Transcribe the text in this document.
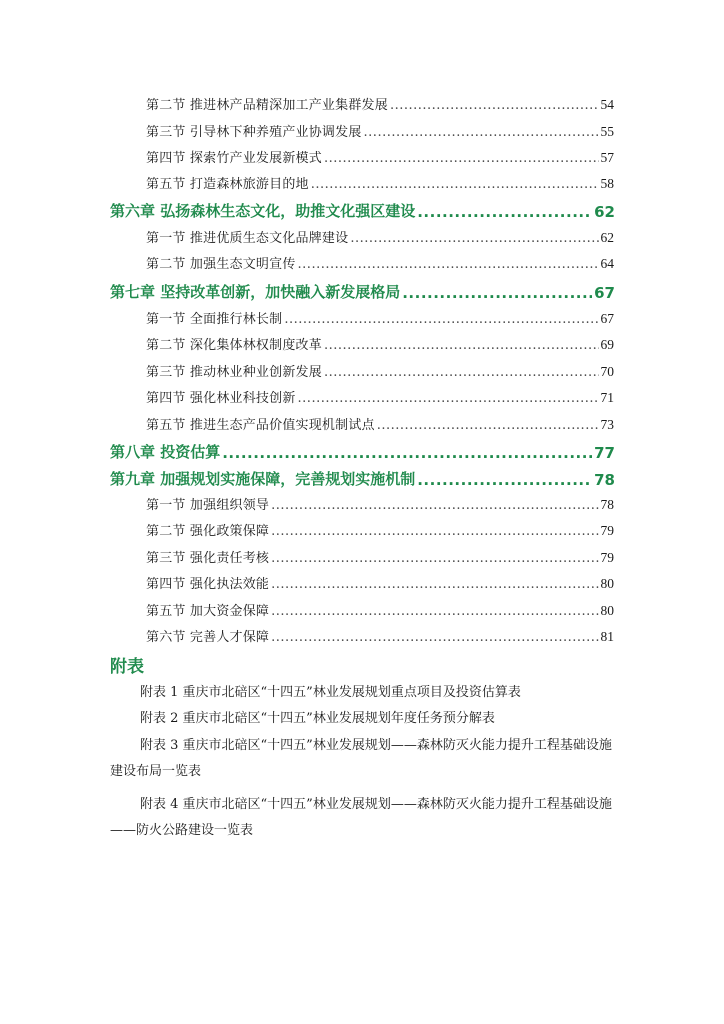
第二节 推进林产品精深加工产业集群发展 .....	54
第三节 引导林下种养殖产业协调发展 .....	55
第四节 探索竹产业发展新模式 .....	57
第五节 打造森林旅游目的地 .....	58
第六章 弘扬森林生态文化，助推文化强区建设 .....	62
第一节 推进优质生态文化品牌建设 .....	62
第二节 加强生态文明宣传 .....	64
第七章 坚持改革创新，加快融入新发展格局 .....	67
第一节 全面推行林长制 .....	67
第二节 深化集体林权制度改革 .....	69
第三节 推动林业种业创新发展 .....	70
第四节 强化林业科技创新 .....	71
第五节 推进生态产品价值实现机制试点 .....	73
第八章 投资估算 .....	77
第九章 加强规划实施保障，完善规划实施机制 .....	78
第一节 加强组织领导 .....	78
第二节 强化政策保障 .....	79
第三节 强化责任考核 .....	79
第四节 强化执法效能 .....	80
第五节 加大资金保障 .....	80
第六节 完善人才保障 .....	81
附表

附表 1 重庆市北碚区“十四五”林业发展规划重点项目及投资估算表

附表 2 重庆市北碚区“十四五”林业发展规划年度任务预分解表

附表 3 重庆市北碚区“十四五”林业发展规划——森林防灭火能力提升工程基础设施建设布局一览表

附表 4 重庆市北碚区“十四五”林业发展规划——森林防灭火能力提升工程基础设施——防火公路建设一览表
